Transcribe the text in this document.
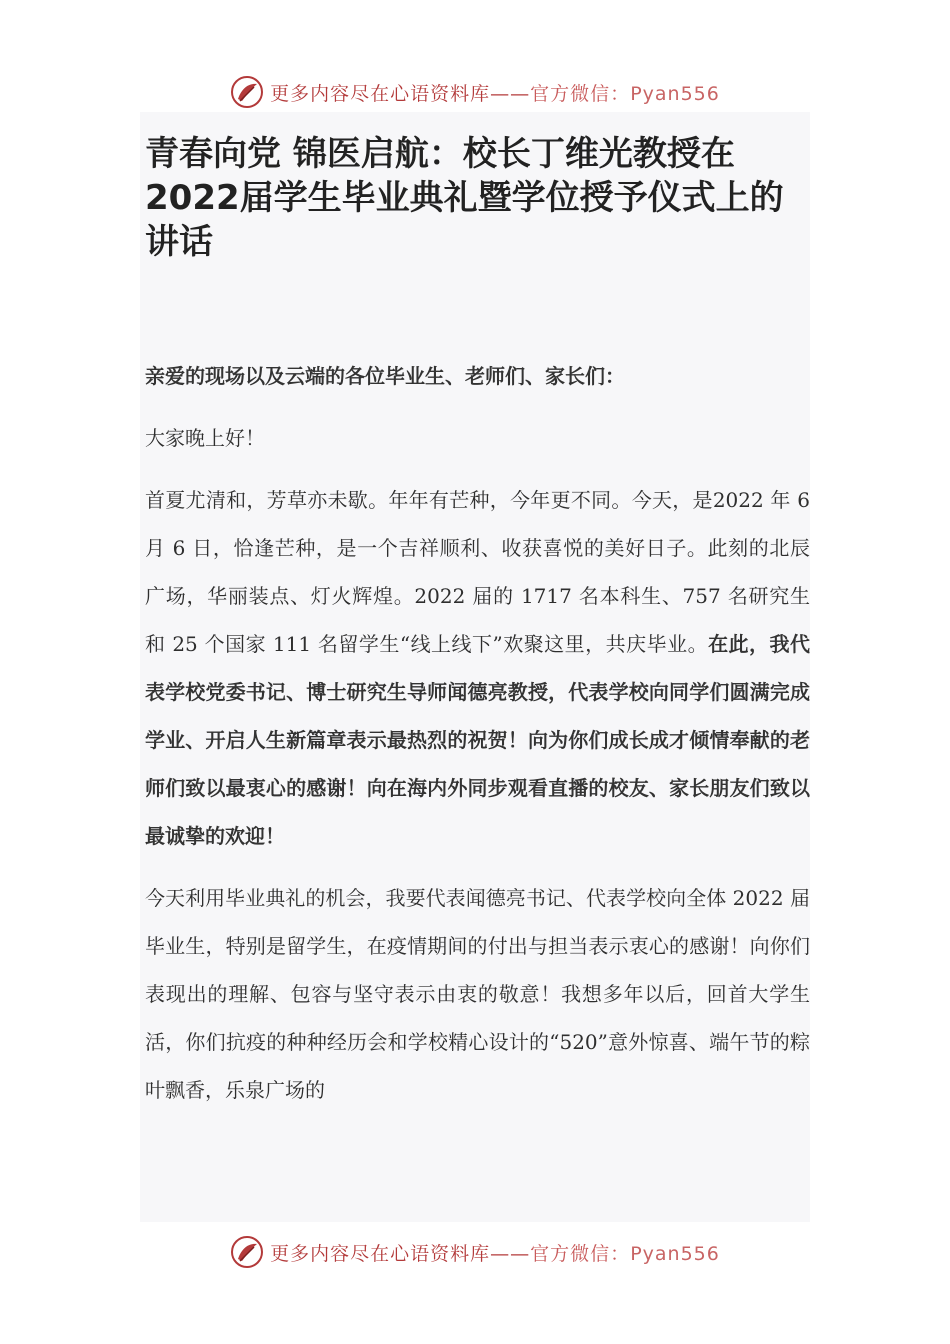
更多内容尽在心语资料库——官方微信：Pyan556
青春向党 锦医启航：校长丁维光教授在2022届学生毕业典礼暨学位授予仪式上的讲话

亲爱的现场以及云端的各位毕业生、老师们、家长们：

大家晚上好！

首夏尤清和，芳草亦未歇。年年有芒种，今年更不同。今天，是2022 年 6 月 6 日，恰逢芒种，是一个吉祥顺利、收获喜悦的美好日子。此刻的北辰广场，华丽装点、灯火辉煌。2022 届的 1717 名本科生、757 名研究生和 25 个国家 111 名留学生“线上线下”欢聚这里，共庆毕业。在此，我代表学校党委书记、博士研究生导师闻德亮教授，代表学校向同学们圆满完成学业、开启人生新篇章表示最热烈的祝贺！向为你们成长成才倾情奉献的老师们致以最衷心的感谢！向在海内外同步观看直播的校友、家长朋友们致以最诚挚的欢迎！

今天利用毕业典礼的机会，我要代表闻德亮书记、代表学校向全体 2022 届毕业生，特别是留学生，在疫情期间的付出与担当表示衷心的感谢！向你们表现出的理解、包容与坚守表示由衷的敬意！我想多年以后，回首大学生活，你们抗疫的种种经历会和学校精心设计的“520”意外惊喜、端午节的粽叶飘香，乐泉广场的

更多内容尽在心语资料库——官方微信：Pyan556
